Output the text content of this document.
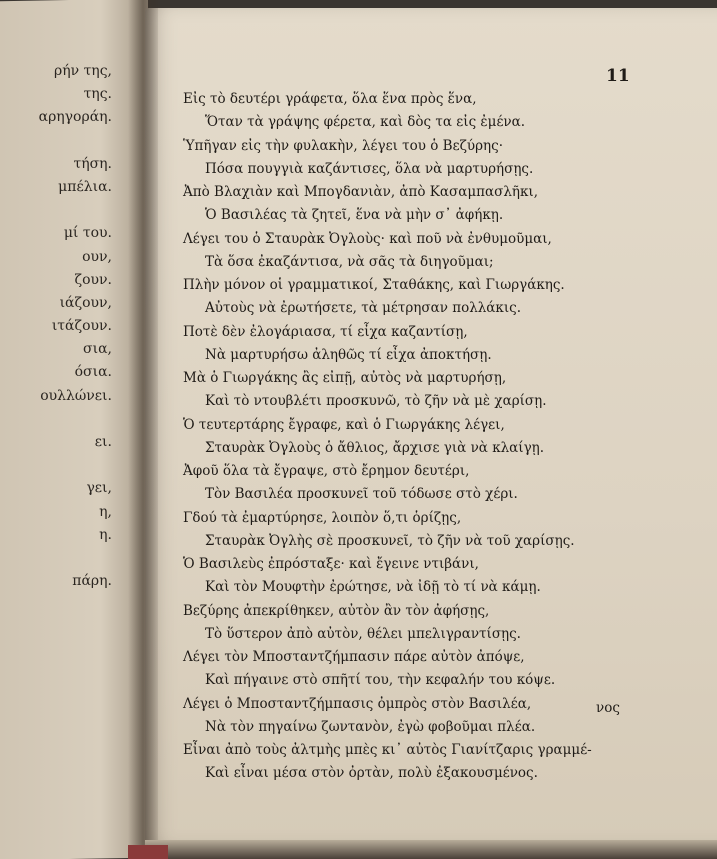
ρήν της,
της.
αρηγοράη.
τήση.
μπέλια.
μί του.
ουν,
ζουν.
ιάζουν,
ιτάζουν.
σια,
όσια.
ουλλώνει.
ει.
γει,
η,
η.
πάρη.
11
Εἰς τὸ δευτέρι γράφετα, ὅλα ἕνα πρὸς ἕνα,
Ὅταν τὰ γράψης φέρετα, καὶ δὸς τα εἰς ἐμένα.
Ὑπῆγαν εἰς τὴν φυλακὴν, λέγει του ὁ Βεζύρης·
Πόσα πουγγιὰ καζάντισες, ὅλα νὰ μαρτυρήσῃς.
Ἀπὸ Βλαχιὰν καὶ Μπογδανιὰν, ἀπὸ Κασαμπασλῆκι,
Ὁ Βασιλέας τὰ ζητεῖ, ἕνα νὰ μὴν σ᾽ ἀφήκῃ.
Λέγει του ὁ Σταυρὰκ Ὀγλοὺς· καὶ ποῦ νὰ ἐνθυμοῦμαι,
Τὰ ὅσα ἐκαζάντισα, νὰ σᾶς τὰ διηγοῦμαι;
Πλὴν μόνον οἱ γραμματικοί, Σταθάκης, καὶ Γιωργάκης.
Αὐτοὺς νὰ ἐρωτήσετε, τὰ μέτρησαν πολλάκις.
Ποτὲ δὲν ἐλογάριασα, τί εἶχα καζαντίσῃ,
Νὰ μαρτυρήσω ἀληθῶς τί εἶχα ἀποκτήσῃ.
Μὰ ὁ Γιωργάκης ἂς εἰπῇ, αὐτὸς νὰ μαρτυρήσῃ,
Καὶ τὸ ντουβλέτι προσκυνῶ, τὸ ζῆν νὰ μὲ χαρίσῃ.
Ὁ τευτερτάρης ἔγραφε, καὶ ὁ Γιωργάκης λέγει,
Σταυρὰκ Ὀγλοὺς ὁ ἄθλιος, ἄρχισε γιὰ νὰ κλαίγῃ.
Ἀφοῦ ὅλα τὰ ἔγραψε, στὸ ἔρημον δευτέρι,
Τὸν Βασιλέα προσκυνεῖ τοῦ τόδωσε στὸ χέρι.
Γδού τὰ ἐμαρτύρησε, λοιπὸν ὅ,τι ὁρίζῃς,
Σταυρὰκ Ὀγλὴς σὲ προσκυνεῖ, τὸ ζῆν νὰ τοῦ χαρίσῃς.
Ὁ Βασιλεὺς ἐπρόσταξε· καὶ ἔγεινε ντιβάνι,
Καὶ τὸν Μουφτὴν ἐρώτησε, νὰ ἰδῇ τὸ τί νὰ κάμῃ.
Βεζύρης ἀπεκρίθηκεν, αὐτὸν ἂν τὸν ἀφήσῃς,
Τὸ ὕστερον ἀπὸ αὐτὸν, θέλει μπελιγραντίσῃς.
Λέγει τὸν Μποσταντζήμπασιν πάρε αὐτὸν ἀπόψε,
Καὶ πήγαινε στὸ σπῆτί του, τὴν κεφαλήν του κόψε.
Λέγει ὁ Μποσταντζήμπασις ὀμπρὸς στὸν Βασιλέα,
Νὰ τὸν πηγαίνω ζωντανὸν, ἐγὼ φοβοῦμαι πλέα.
Εἶναι ἀπὸ τοὺς ἀλτμὴς μπὲς κι᾽ αὐτὸς Γιανίτζαρις γραμμέ-
Καὶ εἶναι μέσα στὸν ὀρτὰν, πολὺ ἐξακουσμένος.
νος
